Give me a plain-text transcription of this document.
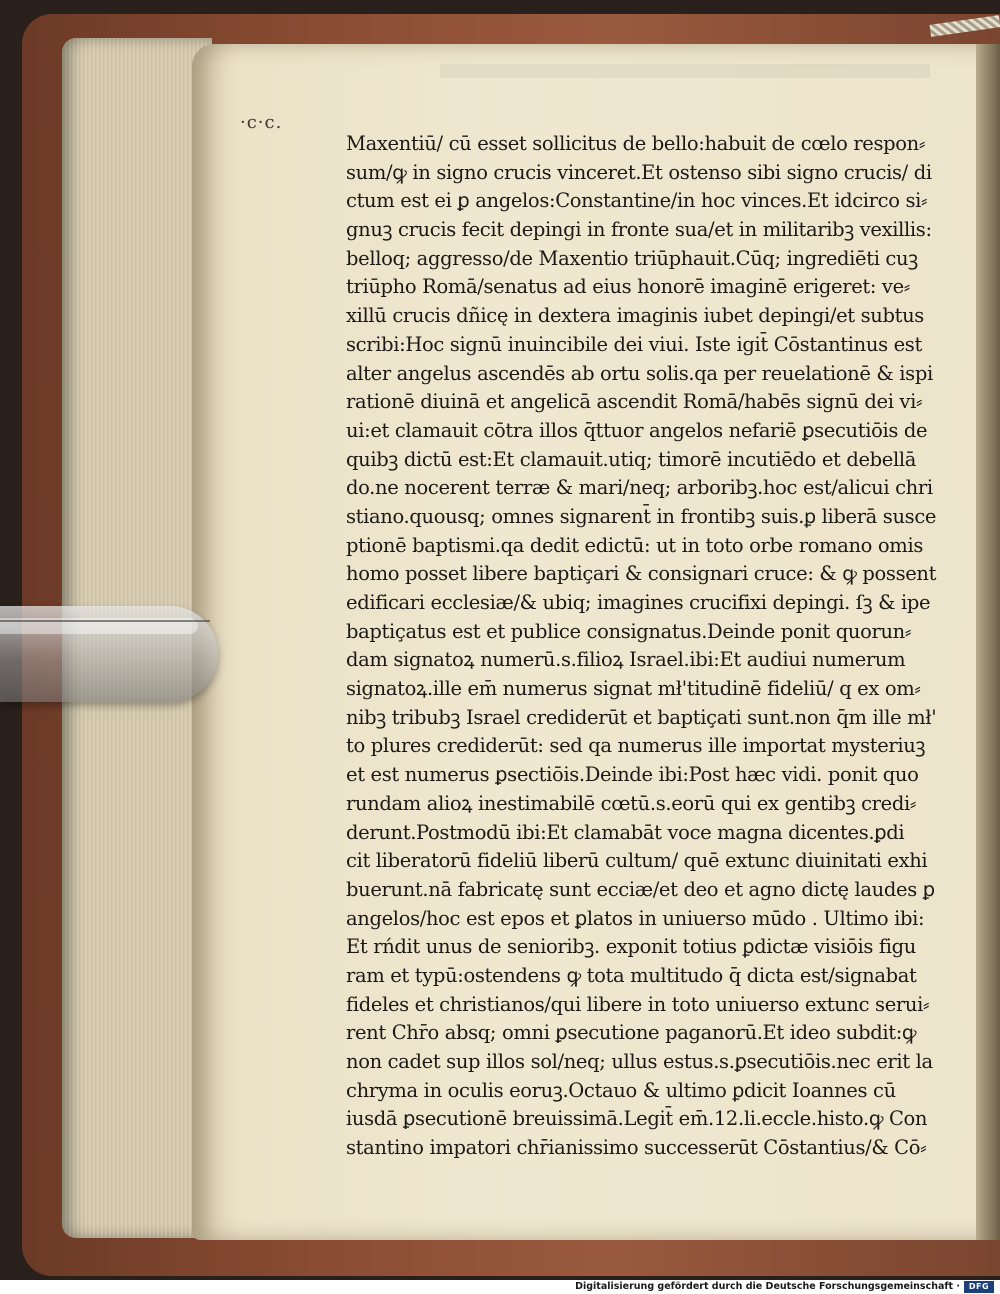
·c·c.
Maxentiū/ cū esset sollicitus de bello:habuit de cœlo respon⸗
sum/ꝙ in signo crucis vinceret.Et ostenso sibi signo crucis/ di
ctum est ei ꝑ angelos:Constantine/in hoc vinces.Et idcirco si⸗
gnuꝫ crucis fecit depingi in fronte sua/et in militaribꝫ vexillis:
belloq; aggresso/de Maxentio triūphauit.Cūq; ingrediēti cuꝫ
triūpho Romā/senatus ad eius honorē imaginē erigeret: ve⸗
xillū crucis dñicę in dextera imaginis iubet depingi/et subtus
scribi:Hoc signū inuincibile dei viui. Iste igit̄ Cōstantinus est
alter angelus ascendēs ab ortu solis.qa per reuelationē & ispi
rationē diuinā et angelicā ascendit Romā/habēs signū dei vi⸗
ui:et clamauit cōtra illos q̄ttuor angelos nefariē ꝑsecutiōis de
quibꝫ dictū est:Et clamauit.utiq; timorē incutiēdo et debellā
do.ne nocerent terræ & mari/neq; arboribꝫ.hoc est/alicui chri
stiano.quousq; omnes signarent̄ in frontibꝫ suis.ꝑ liberā susce
ptionē baptismi.qa dedit edictū: ut in toto orbe romano omis
homo posset libere baptiçari & consignari cruce: & ꝙ possent
edificari ecclesiæ/& ubiq; imagines crucifixi depingi. ſꝫ & ipe
baptiçatus est et publice consignatus.Deinde ponit quorun⸗
dam signatoꝝ numerū.s.filioꝝ Israel.ibi:Et audiui numerum
signatoꝝ.ille em̄ numerus signat mł'titudinē fideliū/ q ex om⸗
nibꝫ tribubꝫ Israel crediderūt et baptiçati sunt.non q̄m ille mł'
to plures crediderūt: sed qa numerus ille importat mysteriuꝫ
et est numerus ꝑsectiōis.Deinde ibi:Post hæc vidi. ponit quo
rundam alioꝝ inestimabilē cœtū.s.eorū qui ex gentibꝫ credi⸗
derunt.Postmodū ibi:Et clamabāt voce magna dicentes.ꝑdi
cit liberatorū fideliū liberū cultum/ quē extunc diuinitati exhi
buerunt.nā fabricatę sunt ecciæ/et deo et agno dictę laudes ꝑ
angelos/hoc est epos et ꝑlatos in uniuerso mūdo . Ultimo ibi:
Et rńdit unus de senioribꝫ. exponit totius ꝑdictæ visiōis figu
ram et typū:ostendens ꝙ tota multitudo q̄ dicta est/signabat
fideles et christianos/qui libere in toto uniuerso extunc serui⸗
rent Chr̄o absq; omni ꝑsecutione paganorū.Et ideo subdit:ꝙ
non cadet sup illos sol/neq; ullus estus.s.ꝑsecutiōis.nec erit la
chryma in oculis eoruꝫ.Octauo & ultimo ꝑdicit Ioannes cū
iusdā ꝑsecutionē breuissimā.Legit̄ em̄.12.li.eccle.histo.ꝙ Con
stantino impatori chr̄ianissimo successerūt Cōstantius/& Cō⸗
Digitalisierung gefördert durch die Deutsche Forschungsgemeinschaft ·	DFG
